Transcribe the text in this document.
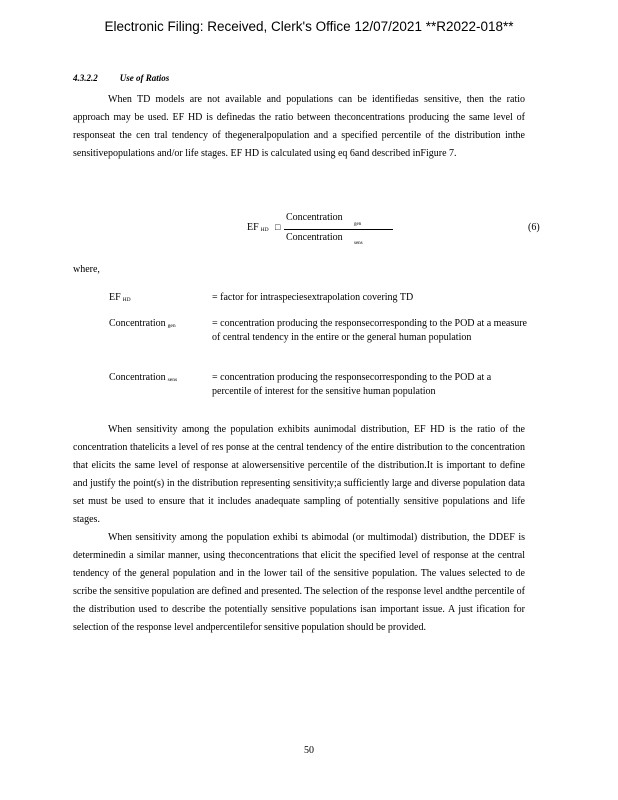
Electronic Filing: Received, Clerk's Office 12/07/2021 **R2022-018**
4.3.2.2 Use of Ratios
When TD models are not available and populations can be identifiedas sensitive, then the ratio approach may be used. EF HD is definedas the ratio between theconcentrations producing the same level of responseat the cen tral tendency of thegeneralpopulation and a specified percentile of the distribution inthe sensitivepopulations and/or life stages. EF HD is calculated using eq 6and described inFigure 7.
EF HD □
Concentration
gen
Concentration
sens
(6)
where,
EF HD	= factor for intraspeciesextrapolation covering TD
Concentration gen	= concentration producing the responsecorresponding to the POD at a measure of central tendency in the entire or the general human population
Concentration sens	= concentration producing the responsecorresponding to the POD at a percentile of interest for the sensitive human population
When sensitivity among the population exhibits aunimodal distribution, EF HD is the ratio of the concentration thatelicits a level of res ponse at the central tendency of the entire distribution to the concentration that elicits the same level of response at alowersensitive percentile of the distribution.It is important to define and justify the point(s) in the distribution representing sensitivity;a sufficiently large and diverse population data set must be used to ensure that it includes anadequate sampling of potentially sensitive populations and life stages.
When sensitivity among the population exhibi ts abimodal (or multimodal) distribution, the DDEF is determinedin a similar manner, using theconcentrations that elicit the specified level of response at the central tendency of the general population and in the lower tail of the sensitive population. The values selected to de scribe the sensitive population are defined and presented. The selection of the response level andthe percentile of the distribution used to describe the potentially sensitive populations isan important issue. A just ification for selection of the response level andpercentilefor sensitive population should be provided.
50
